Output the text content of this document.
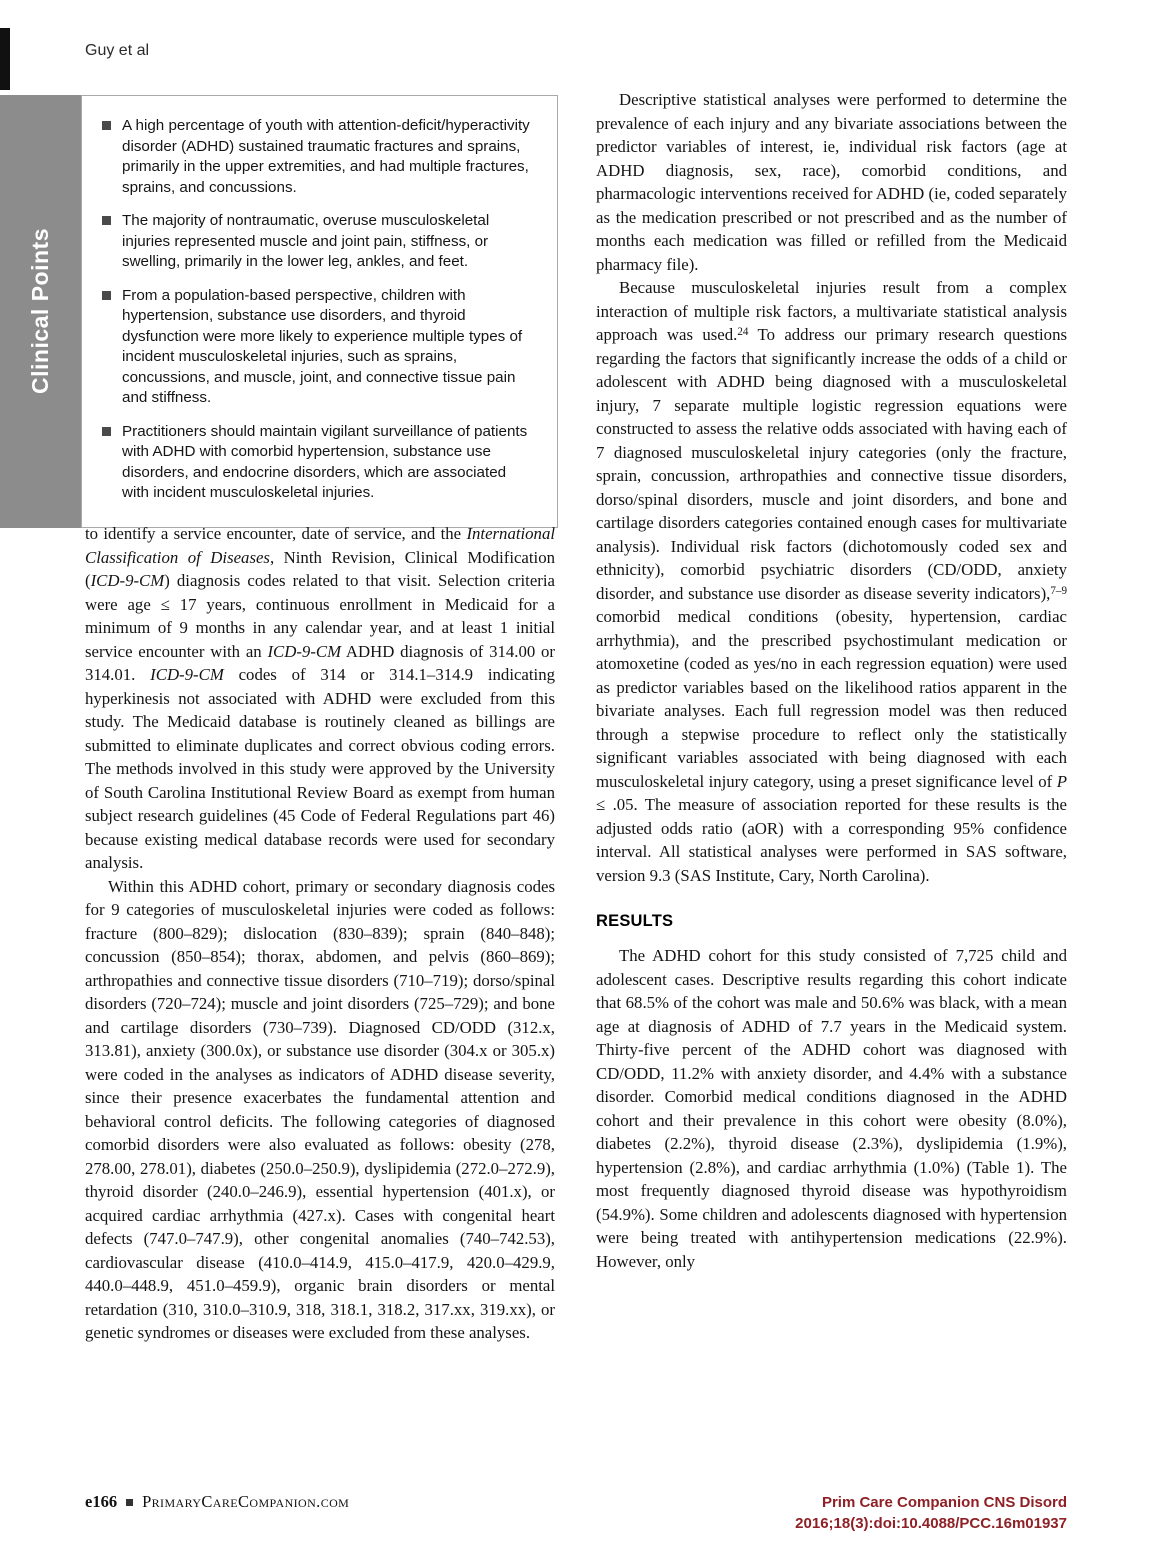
Guy et al
Clinical Points
A high percentage of youth with attention-deficit/hyperactivity disorder (ADHD) sustained traumatic fractures and sprains, primarily in the upper extremities, and had multiple fractures, sprains, and concussions.
The majority of nontraumatic, overuse musculoskeletal injuries represented muscle and joint pain, stiffness, or swelling, primarily in the lower leg, ankles, and feet.
From a population-based perspective, children with hypertension, substance use disorders, and thyroid dysfunction were more likely to experience multiple types of incident musculoskeletal injuries, such as sprains, concussions, and muscle, joint, and connective tissue pain and stiffness.
Practitioners should maintain vigilant surveillance of patients with ADHD with comorbid hypertension, substance use disorders, and endocrine disorders, which are associated with incident musculoskeletal injuries.

to identify a service encounter, date of service, and the International Classification of Diseases, Ninth Revision, Clinical Modification (ICD-9-CM) diagnosis codes related to that visit. Selection criteria were age ≤ 17 years, continuous enrollment in Medicaid for a minimum of 9 months in any calendar year, and at least 1 initial service encounter with an ICD-9-CM ADHD diagnosis of 314.00 or 314.01. ICD-9-CM codes of 314 or 314.1–314.9 indicating hyperkinesis not associated with ADHD were excluded from this study. The Medicaid database is routinely cleaned as billings are submitted to eliminate duplicates and correct obvious coding errors. The methods involved in this study were approved by the University of South Carolina Institutional Review Board as exempt from human subject research guidelines (45 Code of Federal Regulations part 46) because existing medical database records were used for secondary analysis.

Within this ADHD cohort, primary or secondary diagnosis codes for 9 categories of musculoskeletal injuries were coded as follows: fracture (800–829); dislocation (830–839); sprain (840–848); concussion (850–854); thorax, abdomen, and pelvis (860–869); arthropathies and connective tissue disorders (710–719); dorso/spinal disorders (720–724); muscle and joint disorders (725–729); and bone and cartilage disorders (730–739). Diagnosed CD/ODD (312.x, 313.81), anxiety (300.0x), or substance use disorder (304.x or 305.x) were coded in the analyses as indicators of ADHD disease severity, since their presence exacerbates the fundamental attention and behavioral control deficits. The following categories of diagnosed comorbid disorders were also evaluated as follows: obesity (278, 278.00, 278.01), diabetes (250.0–250.9), dyslipidemia (272.0–272.9), thyroid disorder (240.0–246.9), essential hypertension (401.x), or acquired cardiac arrhythmia (427.x). Cases with congenital heart defects (747.0–747.9), other congenital anomalies (740–742.53), cardiovascular disease (410.0–414.9, 415.0–417.9, 420.0–429.9, 440.0–448.9, 451.0–459.9), organic brain disorders or mental retardation (310, 310.0–310.9, 318, 318.1, 318.2, 317.xx, 319.xx), or genetic syndromes or diseases were excluded from these analyses.

Descriptive statistical analyses were performed to determine the prevalence of each injury and any bivariate associations between the predictor variables of interest, ie, individual risk factors (age at ADHD diagnosis, sex, race), comorbid conditions, and pharmacologic interventions received for ADHD (ie, coded separately as the medication prescribed or not prescribed and as the number of months each medication was filled or refilled from the Medicaid pharmacy file).

Because musculoskeletal injuries result from a complex interaction of multiple risk factors, a multivariate statistical analysis approach was used.$^{24}$ To address our primary research questions regarding the factors that significantly increase the odds of a child or adolescent with ADHD being diagnosed with a musculoskeletal injury, 7 separate multiple logistic regression equations were constructed to assess the relative odds associated with having each of 7 diagnosed musculoskeletal injury categories (only the fracture, sprain, concussion, arthropathies and connective tissue disorders, dorso/spinal disorders, muscle and joint disorders, and bone and cartilage disorders categories contained enough cases for multivariate analysis). Individual risk factors (dichotomously coded sex and ethnicity), comorbid psychiatric disorders (CD/ODD, anxiety disorder, and substance use disorder as disease severity indicators),$^{7-9}$ comorbid medical conditions (obesity, hypertension, cardiac arrhythmia), and the prescribed psychostimulant medication or atomoxetine (coded as yes/no in each regression equation) were used as predictor variables based on the likelihood ratios apparent in the bivariate analyses. Each full regression model was then reduced through a stepwise procedure to reflect only the statistically significant variables associated with being diagnosed with each musculoskeletal injury category, using a preset significance level of P ≤ .05. The measure of association reported for these results is the adjusted odds ratio (aOR) with a corresponding 95% confidence interval. All statistical analyses were performed in SAS software, version 9.3 (SAS Institute, Cary, North Carolina).

RESULTS

The ADHD cohort for this study consisted of 7,725 child and adolescent cases. Descriptive results regarding this cohort indicate that 68.5% of the cohort was male and 50.6% was black, with a mean age at diagnosis of ADHD of 7.7 years in the Medicaid system. Thirty-five percent of the ADHD cohort was diagnosed with CD/ODD, 11.2% with anxiety disorder, and 4.4% with a substance disorder. Comorbid medical conditions diagnosed in the ADHD cohort and their prevalence in this cohort were obesity (8.0%), diabetes (2.2%), thyroid disease (2.3%), dyslipidemia (1.9%), hypertension (2.8%), and cardiac arrhythmia (1.0%) (Table 1). The most frequently diagnosed thyroid disease was hypothyroidism (54.9%). Some children and adolescents diagnosed with hypertension were being treated with antihypertension medications (22.9%). However, only

e166 PrimaryCareCompanion.com	Prim Care Companion CNS Disord
2016;18(3):doi:10.4088/PCC.16m01937
